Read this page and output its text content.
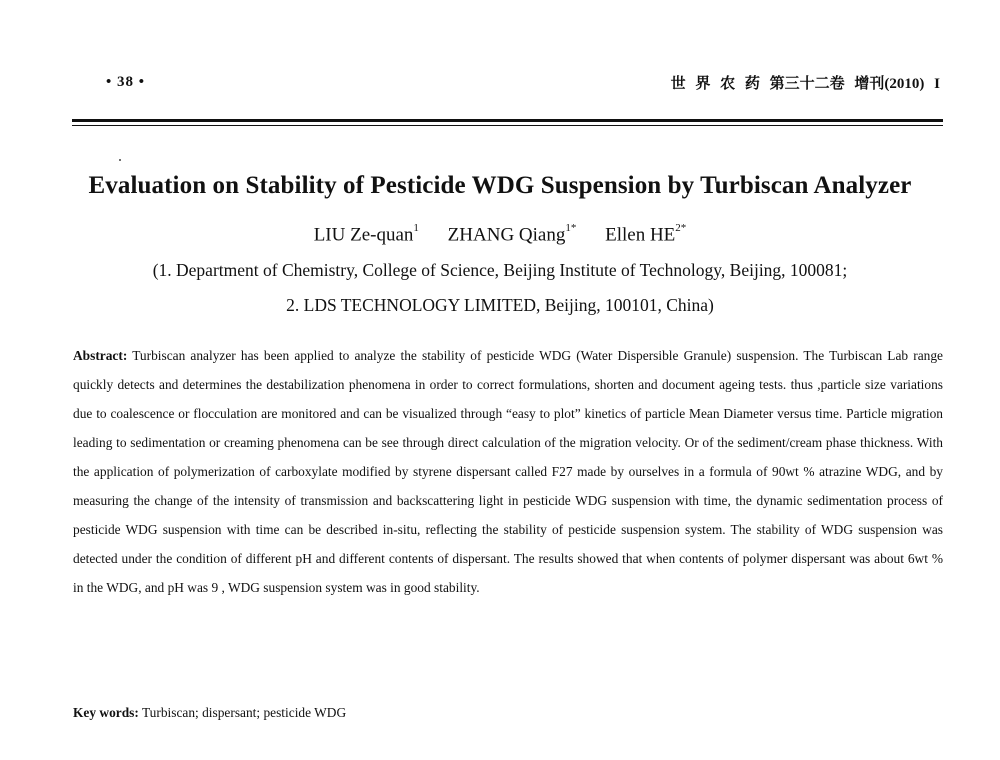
• 38 •	世 界 农 药 第三十二卷 增刊(2010) I
Evaluation on Stability of Pesticide WDG Suspension by Turbiscan Analyzer
LIU Ze-quan$^1$ ZHANG Qiang$^{1*}$ Ellen $HE^{2*}$
(1. Department of Chemistry, College of Science, Beijing Institute of Technology, Beijing, 100081;
2. LDS TECHNOLOGY LIMITED, Beijing, 100101, China)

Abstract: Turbiscan analyzer has been applied to analyze the stability of pesticide WDG (Water Dispersible Granule) suspension. The Turbiscan Lab range quickly detects and determines the destabilization phenomena in order to correct formulations, shorten and document ageing tests. thus ,particle size variations due to coalescence or flocculation are monitored and can be visualized through “easy to plot” kinetics of particle Mean Diameter versus time. Particle migration leading to sedimentation or creaming phenomena can be see through direct calculation of the migration velocity. Or of the sediment/cream phase thickness. With the application of polymerization of carboxylate modified by styrene dispersant called F27 made by ourselves in a formula of 90wt % atrazine WDG, and by measuring the change of the intensity of transmission and backscattering light in pesticide WDG suspension with time, the dynamic sedimentation process of pesticide WDG suspension with time can be described in-situ, reflecting the stability of pesticide suspension system. The stability of WDG suspension was detected under the condition of different pH and different contents of dispersant. The results showed that when contents of polymer dispersant was about 6wt % in the WDG, and pH was 9 , WDG suspension system was in good stability.

Key words: Turbiscan; dispersant; pesticide WDG
